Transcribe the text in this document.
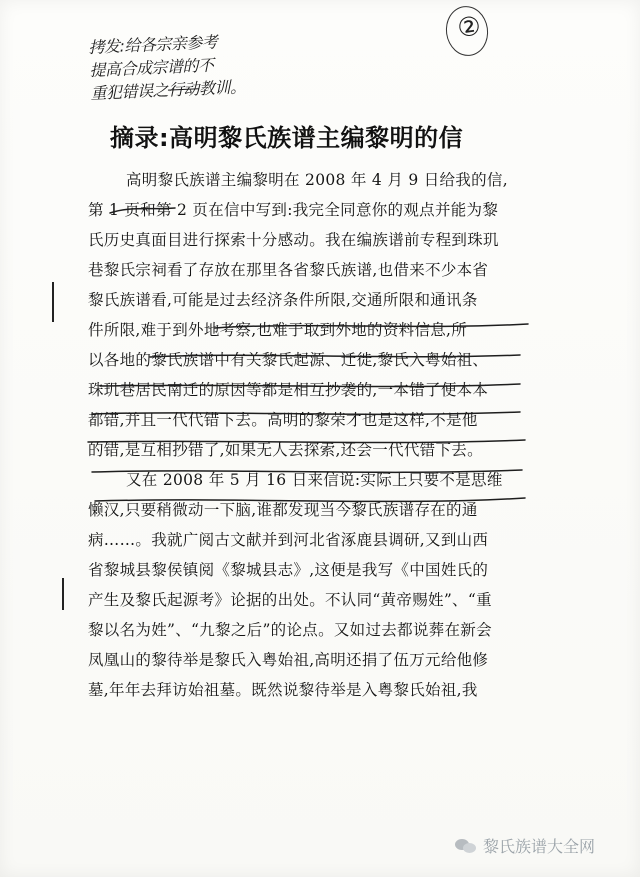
②
拷发:给各宗亲参考
提高合成宗谱的不
重犯错误之行动教训。
摘录:高明黎氏族谱主编黎明的信
高明黎氏族谱主编黎明在 2008 年 4 月 9 日给我的信,
第 1 页和第 2 页在信中写到:我完全同意你的观点并能为黎
氏历史真面目进行探索十分感动。我在编族谱前专程到珠玑
巷黎氏宗祠看了存放在那里各省黎氏族谱,也借来不少本省
黎氏族谱看,可能是过去经济条件所限,交通所限和通讯条
件所限,难于到外地考察,也难于取到外地的资料信息,所
以各地的黎氏族谱中有关黎氏起源、迁徙,黎氏入粤始祖、
珠玑巷居民南迁的原因等都是相互抄袭的,一本错了便本本
都错,并且一代代错下去。高明的黎荣才也是这样,不是他
的错,是互相抄错了,如果无人去探索,还会一代代错下去。
又在 2008 年 5 月 16 日来信说:实际上只要不是思维
懒汉,只要稍微动一下脑,谁都发现当今黎氏族谱存在的通
病……。我就广阅古文献并到河北省涿鹿县调研,又到山西
省黎城县黎侯镇阅《黎城县志》,这便是我写《中国姓氏的
产生及黎氏起源考》论据的出处。不认同“黄帝赐姓”、“重
黎以名为姓”、“九黎之后”的论点。又如过去都说葬在新会
凤凰山的黎待举是黎氏入粤始祖,高明还捐了伍万元给他修
墓,年年去拜访始祖墓。既然说黎待举是入粤黎氏始祖,我
黎氏族谱大全网
